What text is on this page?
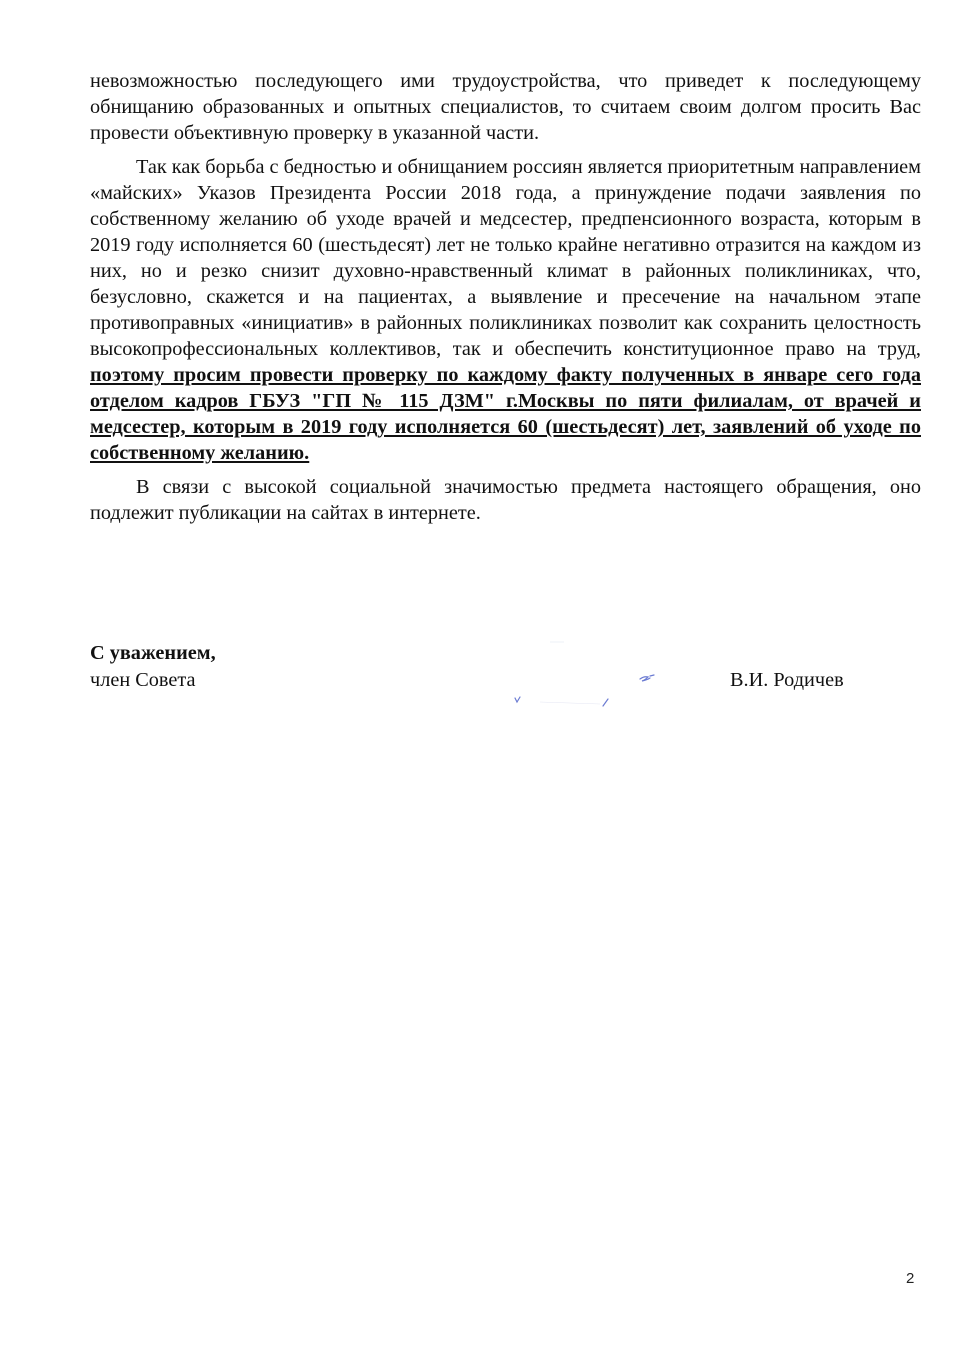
невозможностью последующего ими трудоустройства, что приведет к последующему обнищанию образованных и опытных специалистов, то считаем своим долгом просить Вас провести объективную проверку в указанной части.

Так как борьба с бедностью и обнищанием россиян является приоритетным направлением «майских» Указов Президента России 2018 года, а принуждение подачи заявления по собственному желанию об уходе врачей и медсестер, предпенсионного возраста, которым в 2019 году исполняется 60 (шестьдесят) лет не только крайне негативно отразится на каждом из них, но и резко снизит духовно-нравственный климат в районных поликлиниках, что, безусловно, скажется и на пациентах, а выявление и пресечение на начальном этапе противоправных «инициатив» в районных поликлиниках позволит как сохранить целостность высокопрофессиональных коллективов, так и обеспечить конституционное право на труд, поэтому просим провести проверку по каждому факту полученных в январе сего года отделом кадров ГБУЗ "ГП № 115 ДЗМ" г.Москвы по пяти филиалам, от врачей и медсестер, которым в 2019 году исполняется 60 (шестьдесят) лет, заявлений об уходе по собственному желанию.

В связи с высокой социальной значимостью предмета настоящего обращения, оно подлежит публикации на сайтах в интернете.

С уважением,

член Совета	В.И. Родичев
2
